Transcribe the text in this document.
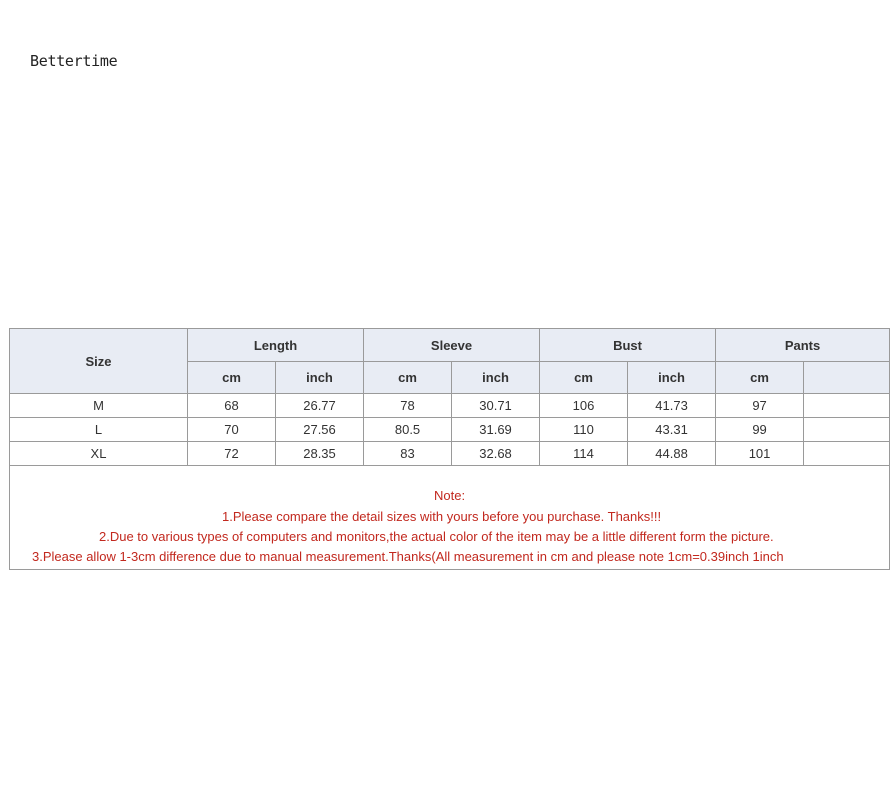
Bettertime
Size	Length		Sleeve		Bust		Pants	
	cm	inch	cm	inch	cm	inch	cm	
M	68	26.77	78	30.71	106	41.73	97	
L	70	27.56	80.5	31.69	110	43.31	99	
XL	72	28.35	83	32.68	114	44.88	101	

Note:
1.Please compare the detail sizes with yours before you purchase. Thanks!!!
2.Due to various types of computers and monitors,the actual color of the item may be a little different form the picture.
3.Please allow 1-3cm difference due to manual measurement.Thanks(All measurement in cm and please note 1cm=0.39inch 1inch								
